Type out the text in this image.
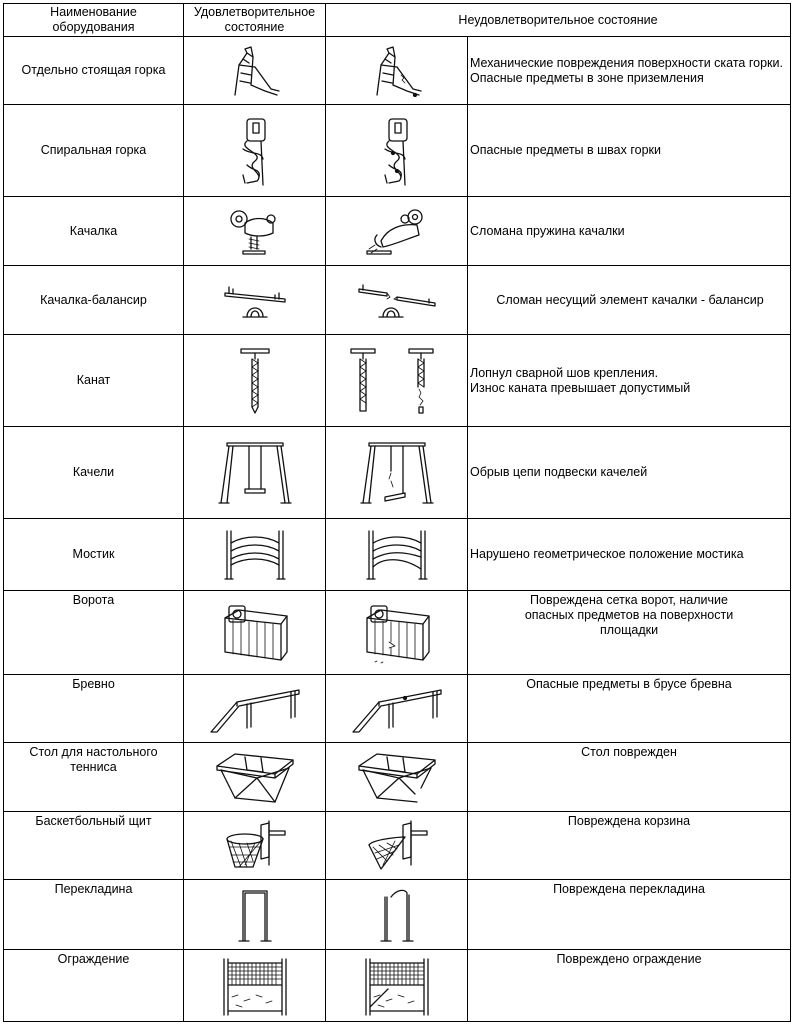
Наименование оборудования	Удовлетворительное состояние	Неудовлетворительное состояние	
Отдельно стоящая горка			Механические повреждения поверхности ската горки.
Опасные предметы в зоне приземления

Спиральная горка			Опасные предметы в швах горки

Качалка			Сломана пружина качалки

Качалка-балансир			Сломан несущий элемент качалки - балансир

Канат			Лопнул сварной шов крепления.
Износ каната превышает допустимый

Качели			Обрыв цепи подвески качелей

Мостик			Нарушено геометрическое положение мостика

Ворота			Повреждена сетка ворот, наличие опасных предметов на поверхности площадки

Бревно			Опасные предметы в брусе бревна

Стол для настольного тенниса			Стол поврежден

Баскетбольный щит			Повреждена корзина

Перекладина			Повреждена перекладина

Ограждение			Повреждено ограждение
